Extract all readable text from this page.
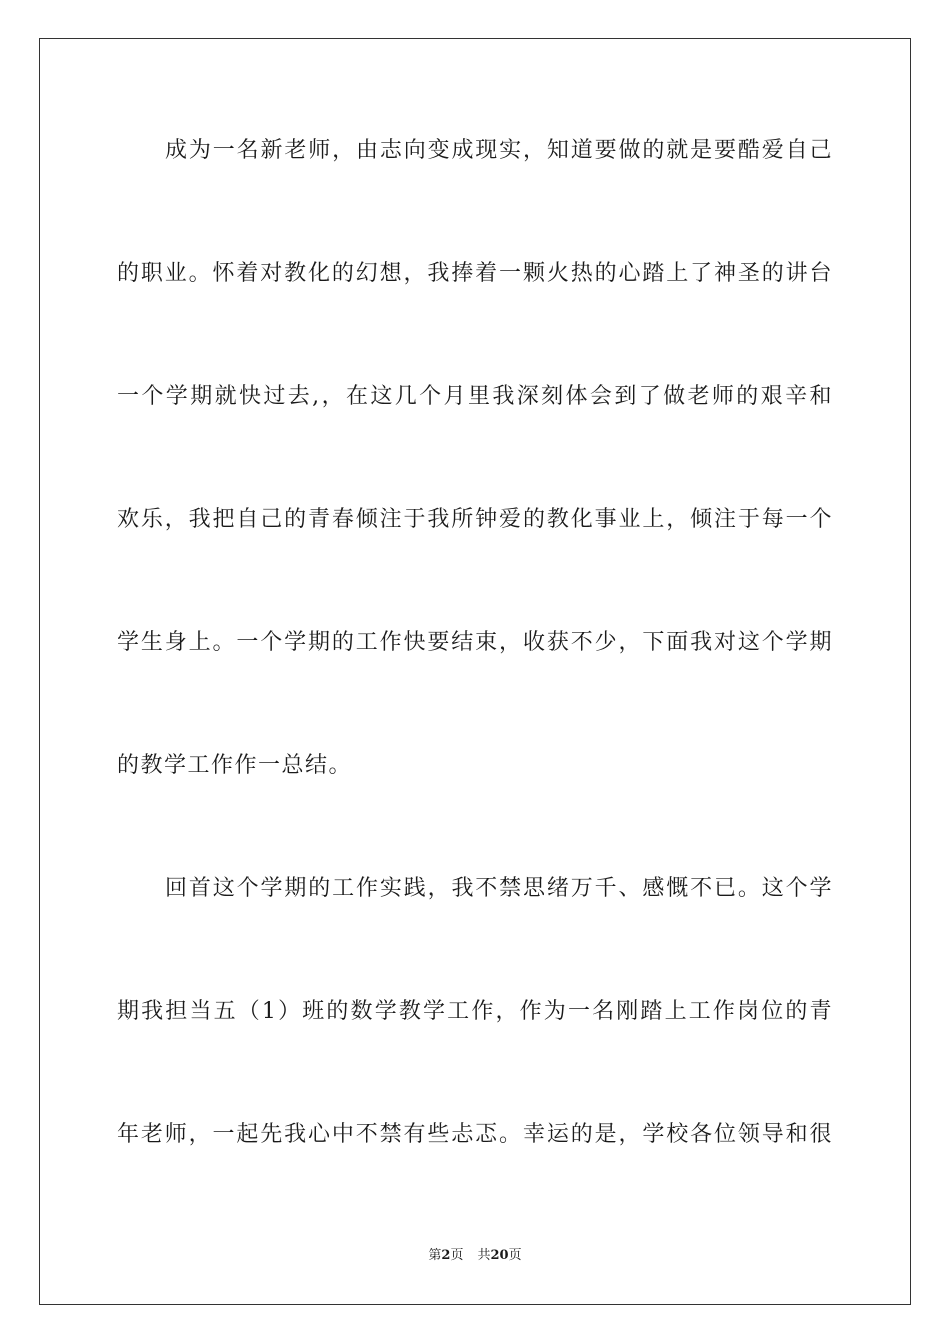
成为一名新老师，由志向变成现实，知道要做的就是要酷爱自己
的职业。怀着对教化的幻想，我捧着一颗火热的心踏上了神圣的讲台
一个学期就快过去,，在这几个月里我深刻体会到了做老师的艰辛和
欢乐，我把自己的青春倾注于我所钟爱的教化事业上，倾注于每一个
学生身上。一个学期的工作快要结束，收获不少，下面我对这个学期
的教学工作作一总结。
回首这个学期的工作实践，我不禁思绪万千、感慨不已。这个学
期我担当五（1）班的数学教学工作，作为一名刚踏上工作岗位的青
年老师，一起先我心中不禁有些忐忑。幸运的是，学校各位领导和很
第2页 共20页
